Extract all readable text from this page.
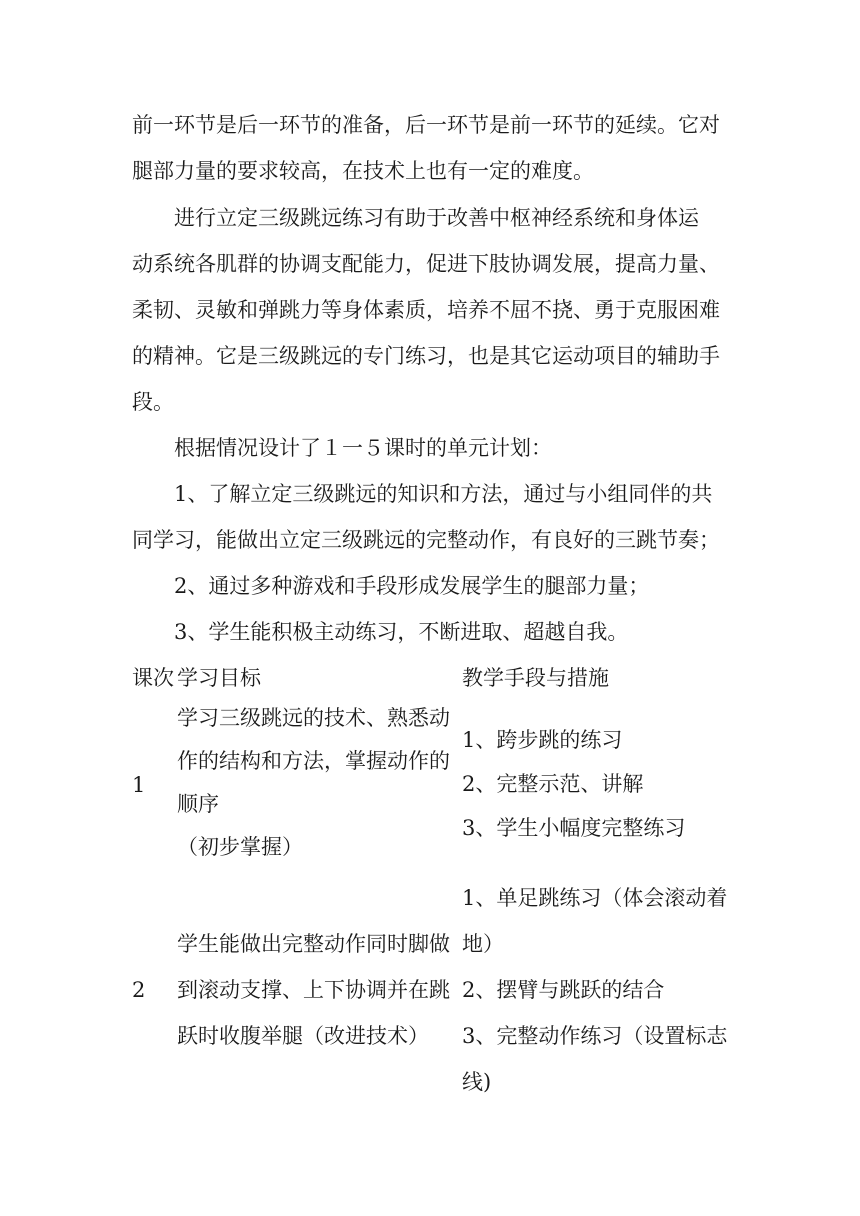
前一环节是后一环节的准备，后一环节是前一环节的延续。它对
腿部力量的要求较高，在技术上也有一定的难度。

进行立定三级跳远练习有助于改善中枢神经系统和身体运
动系统各肌群的协调支配能力，促进下肢协调发展，提高力量、
柔韧、灵敏和弹跳力等身体素质，培养不屈不挠、勇于克服困难
的精神。它是三级跳远的专门练习，也是其它运动项目的辅助手
段。

根据情况设计了１一５课时的单元计划：

1、了解立定三级跳远的知识和方法，通过与小组同伴的共
同学习，能做出立定三级跳远的完整动作，有良好的三跳节奏；

2、通过多种游戏和手段形成发展学生的腿部力量；

3、学生能积极主动练习，不断进取、超越自我。

课次 学习目标	教学手段与措施
1
学习三级跳远的技术、熟悉动
作的结构和方法，掌握动作的
顺序
（初步掌握）
1、跨步跳的练习
2、完整示范、讲解
3、学生小幅度完整练习
2
学生能做出完整动作同时脚做
到滚动支撑、上下协调并在跳
跃时收腹举腿（改进技术）
1、单足跳练习（体会滚动着
地）
2、摆臂与跳跃的结合
3、完整动作练习（设置标志
线)
